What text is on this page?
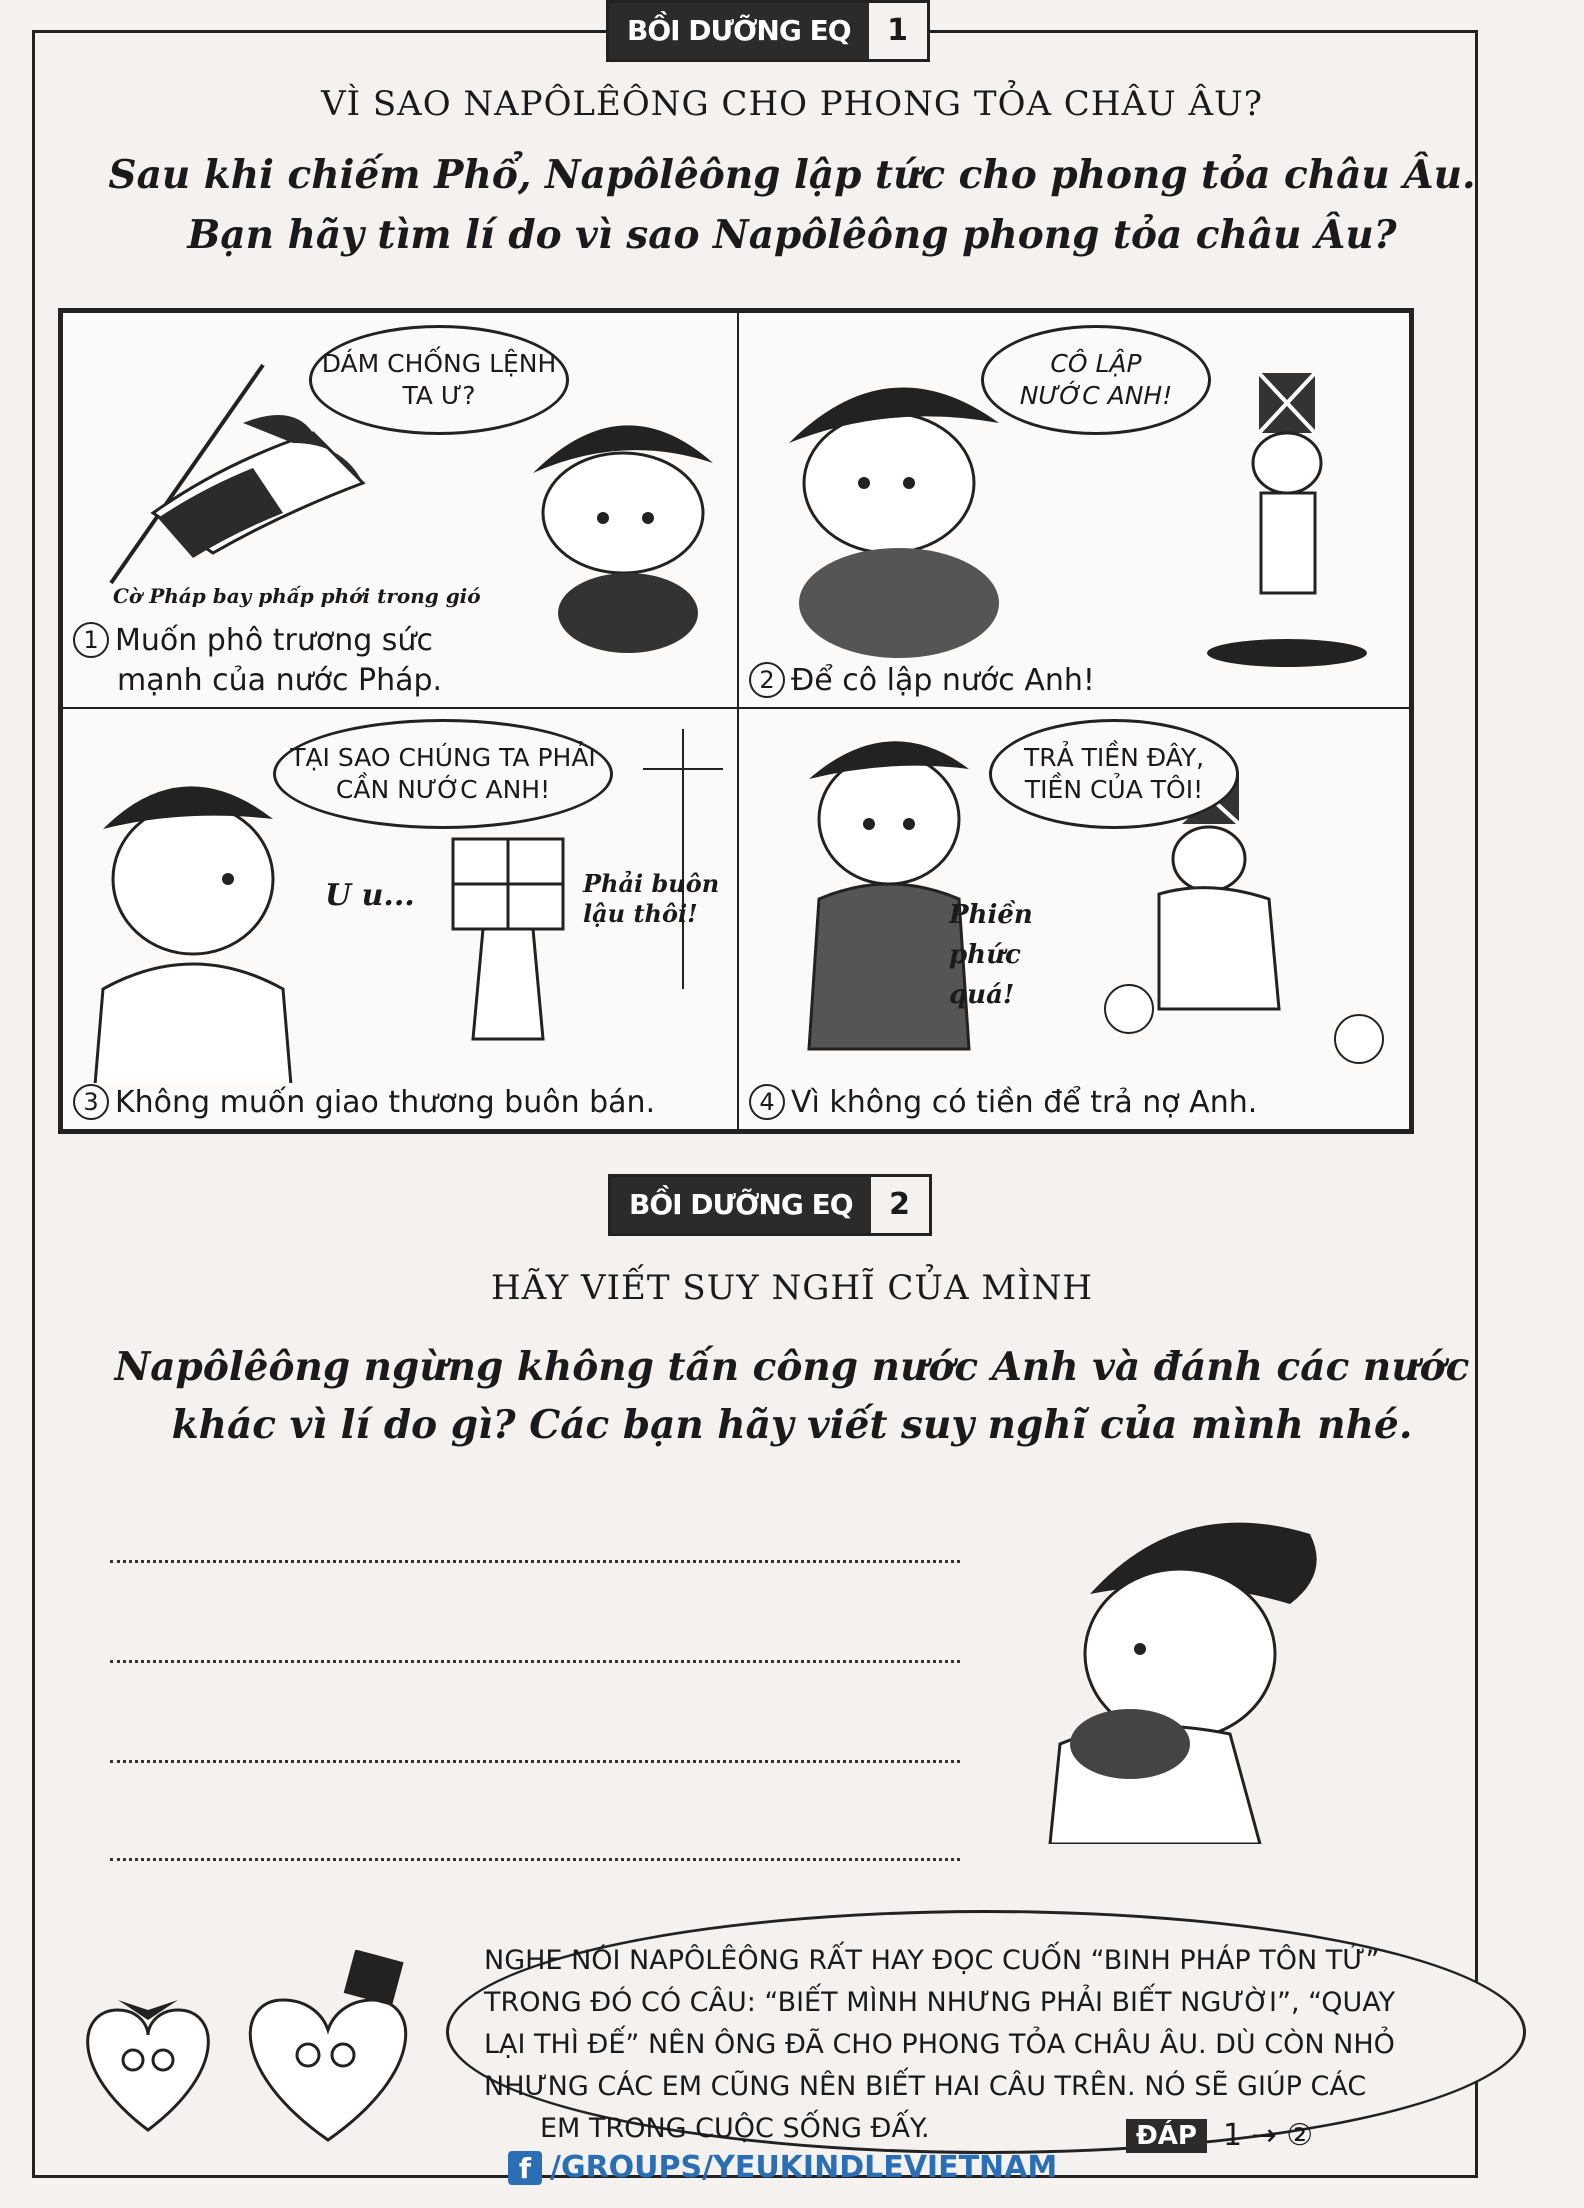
BỒI DƯỠNG EQ	1
VÌ SAO NAPÔLÊÔNG CHO PHONG TỎA CHÂU ÂU?
Sau khi chiếm Phổ, Napôlêông lập tức cho phong tỏa châu Âu.
Bạn hãy tìm lí do vì sao Napôlêông phong tỏa châu Âu?
DÁM CHỐNG LỆNH
TA Ư?
Cờ Pháp bay phấp phới trong gió
1 Muốn phô trương sức
mạnh của nước Pháp.
CÔ LẬP
NƯỚC ANH!
2 Để cô lập nước Anh!
TẠI SAO CHÚNG TA PHẢI
CẦN NƯỚC ANH!
U u...	Phải buôn
lậu thôi!
3 Không muốn giao thương buôn bán.
TRẢ TIỀN ĐÂY,
TIỀN CỦA TÔI!
Phiền
phức
quá!
4 Vì không có tiền để trả nợ Anh.
BỒI DƯỠNG EQ	2
HÃY VIẾT SUY NGHĨ CỦA MÌNH
Napôlêông ngừng không tấn công nước Anh và đánh các nước
khác vì lí do gì? Các bạn hãy viết suy nghĩ của mình nhé.
NGHE NÓI NAPÔLÊÔNG RẤT HAY ĐỌC CUỐN “BINH PHÁP TÔN TỬ”
TRONG ĐÓ CÓ CÂU: “BIẾT MÌNH NHƯNG PHẢI BIẾT NGƯỜI”, “QUAY
LẠI THÌ ĐẾ” NÊN ÔNG ĐÃ CHO PHONG TỎA CHÂU ÂU. DÙ CÒN NHỎ
NHƯNG CÁC EM CŨNG NÊN BIẾT HAI CÂU TRÊN. NÓ SẼ GIÚP CÁC
EM TRONG CUỘC SỐNG ĐẤY.	ĐÁP 1 → ②
f /GROUPS/YEUKINDLEVIETNAM
